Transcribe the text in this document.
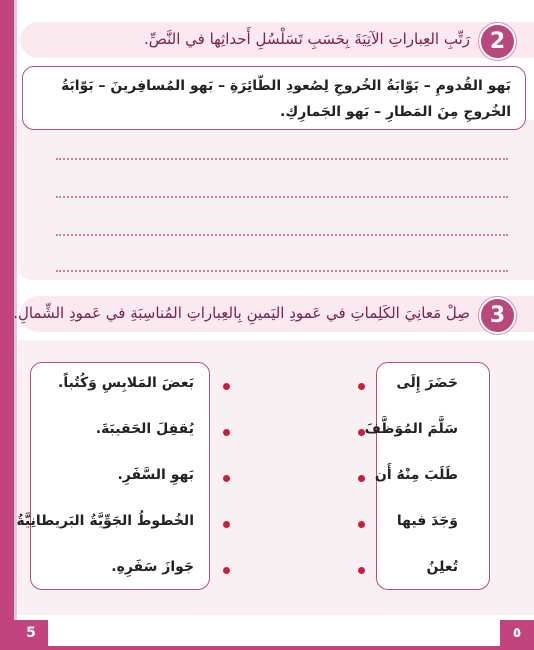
2
رَتِّبِ العِباراتِ الآتِيَةَ بِحَسَبِ تَسَلْسُلِ أَحداثِها في النَّصِّ.
بَهو القُدومِ – بَوّابَةُ الخُروجِ لِصُعودِ الطّائِرَةِ – بَهو المُسافِرينَ – بَوّابَةُ الخُروجِ مِنَ المَطارِ – بَهو الجَمارِكِ.
3
صِلْ مَعانِيَ الكَلِماتِ في عَمودِ اليَمينِ بِالعِباراتِ المُناسِبَةِ في عَمودِ الشِّمالِ.
بَعضَ المَلابِسِ وَكُتُباً.
يُقفِلَ الحَقيبَةَ.
بَهوِ السَّفَرِ.
الخُطوطُ الجَوِّيَّةُ البَريطانِيَّةُ
جَوازَ سَفَرِهِ.
حَضَرَ إِلَى
سَلَّمَ المُوَظَّفَ
طَلَبَ مِنْهُ أَن
وَجَدَ فيها
تُعلِنُ
5	٥
